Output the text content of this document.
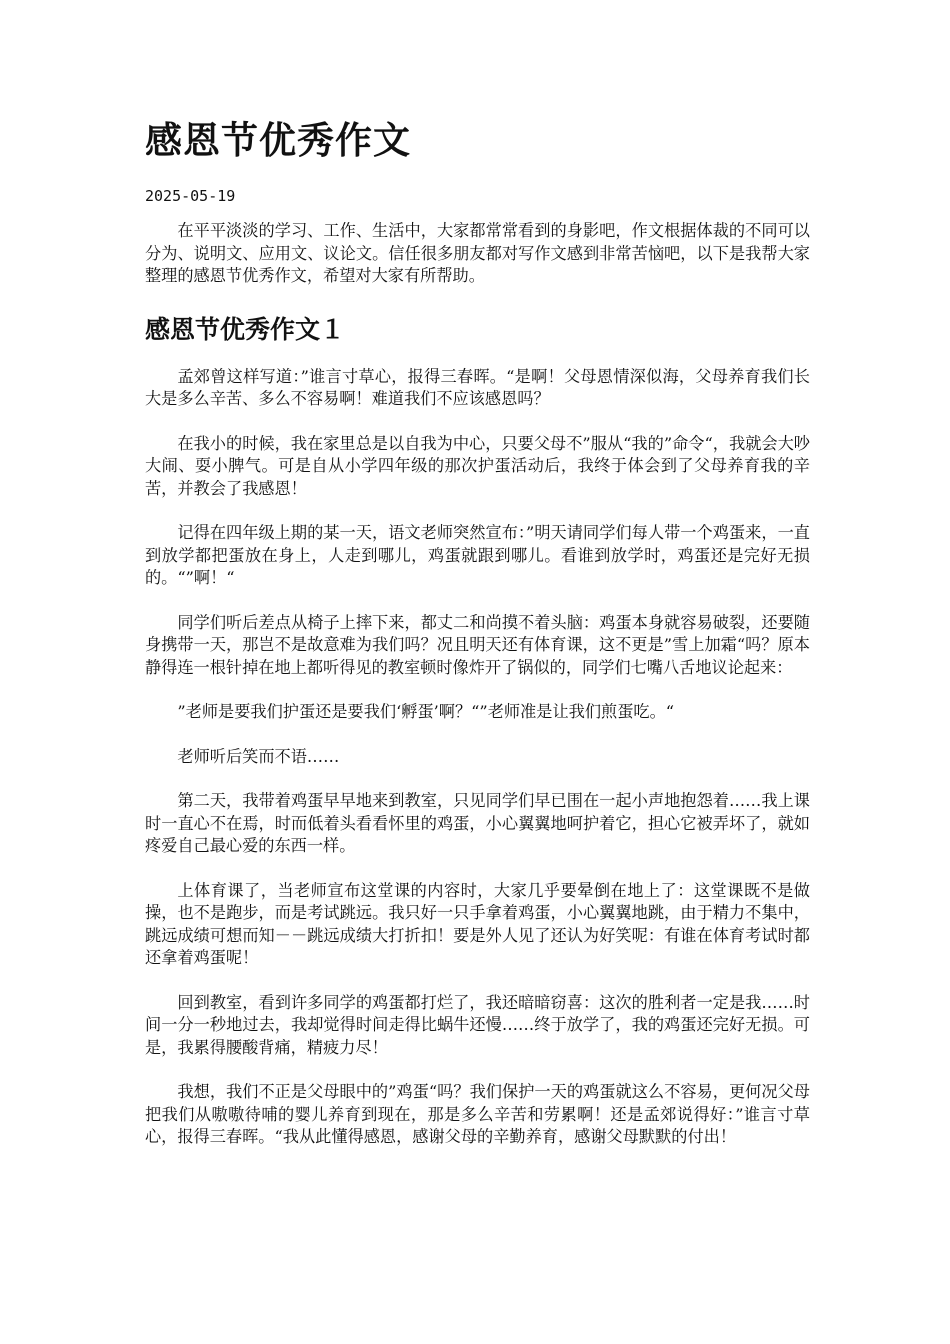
感恩节优秀作文
2025-05-19

在平平淡淡的学习、工作、生活中，大家都常常看到的身影吧，作文根据体裁的不同可以分为、说明文、应用文、议论文。信任很多朋友都对写作文感到非常苦恼吧，以下是我帮大家整理的感恩节优秀作文，希望对大家有所帮助。

感恩节优秀作文１

孟郊曾这样写道：”谁言寸草心，报得三春晖。“是啊！父母恩情深似海，父母养育我们长大是多么辛苦、多么不容易啊！难道我们不应该感恩吗？

在我小的时候，我在家里总是以自我为中心，只要父母不”服从“我的”命令“，我就会大吵大闹、耍小脾气。可是自从小学四年级的那次护蛋活动后，我终于体会到了父母养育我的辛苦，并教会了我感恩！

记得在四年级上期的某一天，语文老师突然宣布：”明天请同学们每人带一个鸡蛋来，一直到放学都把蛋放在身上，人走到哪儿，鸡蛋就跟到哪儿。看谁到放学时，鸡蛋还是完好无损的。“”啊！“

同学们听后差点从椅子上摔下来，都丈二和尚摸不着头脑：鸡蛋本身就容易破裂，还要随身携带一天，那岂不是故意难为我们吗？况且明天还有体育课，这不更是”雪上加霜“吗？原本静得连一根针掉在地上都听得见的教室顿时像炸开了锅似的，同学们七嘴八舌地议论起来：

”老师是要我们护蛋还是要我们‘孵蛋’啊？“”老师准是让我们煎蛋吃。“

老师听后笑而不语……

第二天，我带着鸡蛋早早地来到教室，只见同学们早已围在一起小声地抱怨着……我上课时一直心不在焉，时而低着头看看怀里的鸡蛋，小心翼翼地呵护着它，担心它被弄坏了，就如疼爱自己最心爱的东西一样。

上体育课了，当老师宣布这堂课的内容时，大家几乎要晕倒在地上了：这堂课既不是做操，也不是跑步，而是考试跳远。我只好一只手拿着鸡蛋，小心翼翼地跳，由于精力不集中，跳远成绩可想而知－－跳远成绩大打折扣！要是外人见了还认为好笑呢：有谁在体育考试时都还拿着鸡蛋呢！

回到教室，看到许多同学的鸡蛋都打烂了，我还暗暗窃喜：这次的胜利者一定是我……时间一分一秒地过去，我却觉得时间走得比蜗牛还慢……终于放学了，我的鸡蛋还完好无损。可是，我累得腰酸背痛，精疲力尽！

我想，我们不正是父母眼中的”鸡蛋“吗？我们保护一天的鸡蛋就这么不容易，更何况父母把我们从嗷嗷待哺的婴儿养育到现在，那是多么辛苦和劳累啊！还是孟郊说得好：”谁言寸草心，报得三春晖。“我从此懂得感恩，感谢父母的辛勤养育，感谢父母默默的付出！
